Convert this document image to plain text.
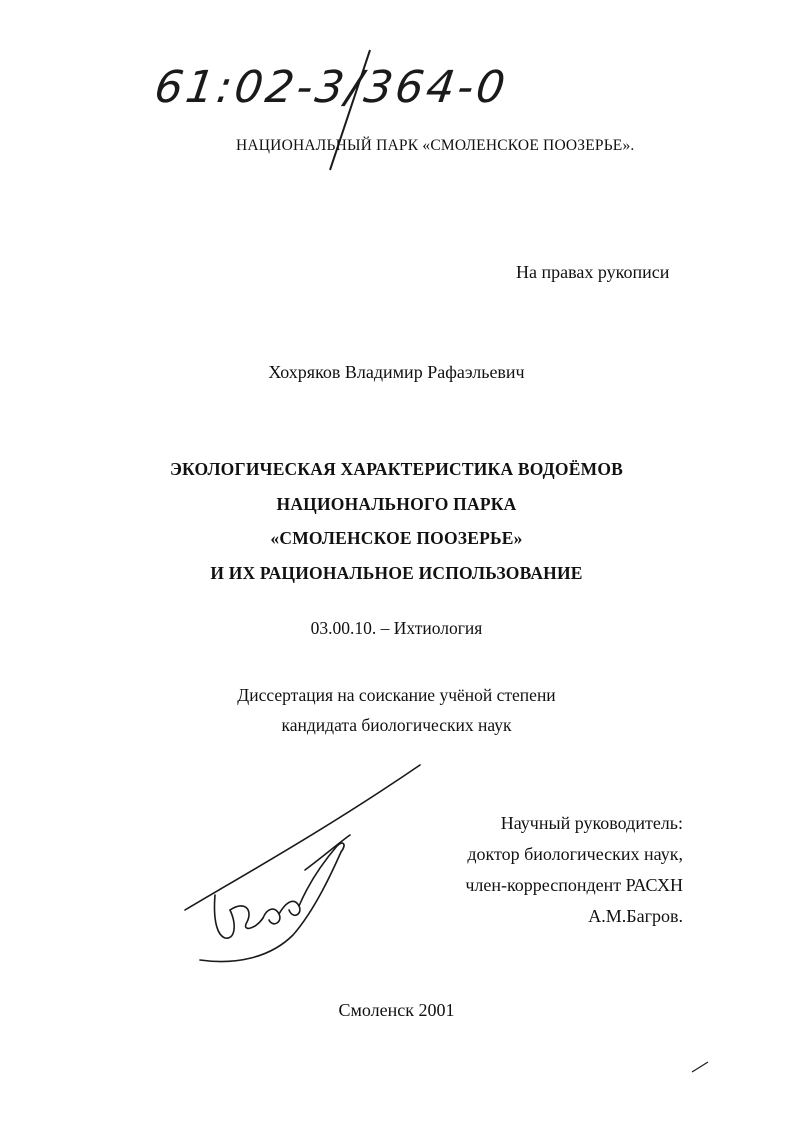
61:02-3/364-0
НАЦИОНАЛЬНЫЙ ПАРК «СМОЛЕНСКОЕ ПООЗЕРЬЕ».
На правах рукописи
Хохряков Владимир Рафаэльевич
ЭКОЛОГИЧЕСКАЯ ХАРАКТЕРИСТИКА ВОДОЁМОВ
НАЦИОНАЛЬНОГО ПАРКА
«СМОЛЕНСКОЕ ПООЗЕРЬЕ»
И ИХ РАЦИОНАЛЬНОЕ ИСПОЛЬЗОВАНИЕ
03.00.10. – Ихтиология
Диссертация на соискание учёной степени
кандидата биологических наук
Научный руководитель:
доктор биологических наук,
член-корреспондент РАСХН
А.М.Багров.
Смоленск 2001
